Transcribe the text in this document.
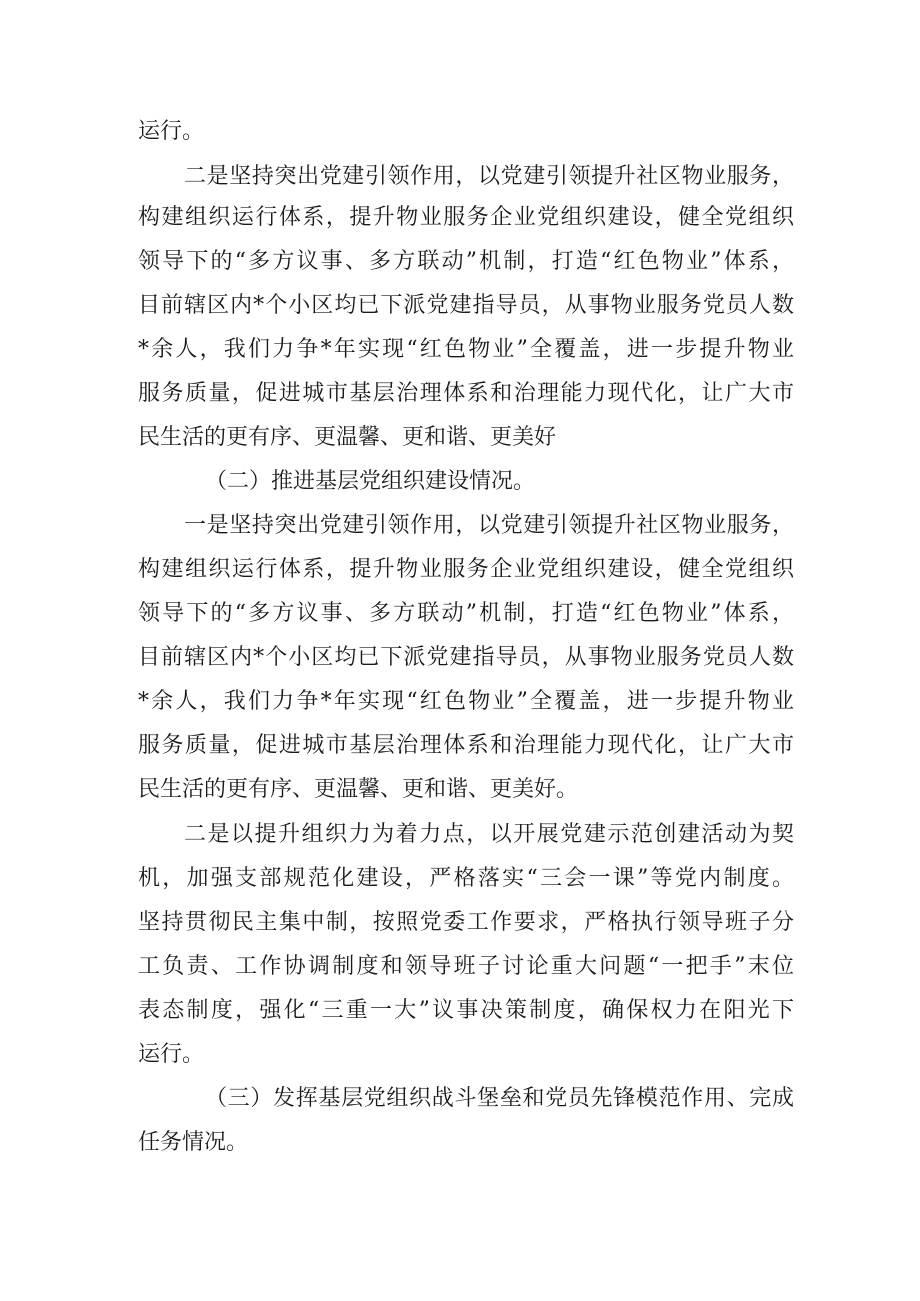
运行。
二是坚持突出党建引领作用，以党建引领提升社区物业服务，
构建组织运行体系，提升物业服务企业党组织建设，健全党组织
领导下的“多方议事、多方联动”机制，打造“红色物业”体系，
目前辖区内*个小区均已下派党建指导员，从事物业服务党员人数
*余人，我们力争*年实现“红色物业”全覆盖，进一步提升物业
服务质量，促进城市基层治理体系和治理能力现代化，让广大市
民生活的更有序、更温馨、更和谐、更美好
（二）推进基层党组织建设情况。
一是坚持突出党建引领作用，以党建引领提升社区物业服务，
构建组织运行体系，提升物业服务企业党组织建设，健全党组织
领导下的“多方议事、多方联动”机制，打造“红色物业”体系，
目前辖区内*个小区均已下派党建指导员，从事物业服务党员人数
*余人，我们力争*年实现“红色物业”全覆盖，进一步提升物业
服务质量，促进城市基层治理体系和治理能力现代化，让广大市
民生活的更有序、更温馨、更和谐、更美好。
二是以提升组织力为着力点，以开展党建示范创建活动为契
机，加强支部规范化建设，严格落实“三会一课”等党内制度。
坚持贯彻民主集中制，按照党委工作要求，严格执行领导班子分
工负责、工作协调制度和领导班子讨论重大问题“一把手”末位
表态制度，强化“三重一大”议事决策制度，确保权力在阳光下
运行。
（三）发挥基层党组织战斗堡垒和党员先锋模范作用、完成
任务情况。
